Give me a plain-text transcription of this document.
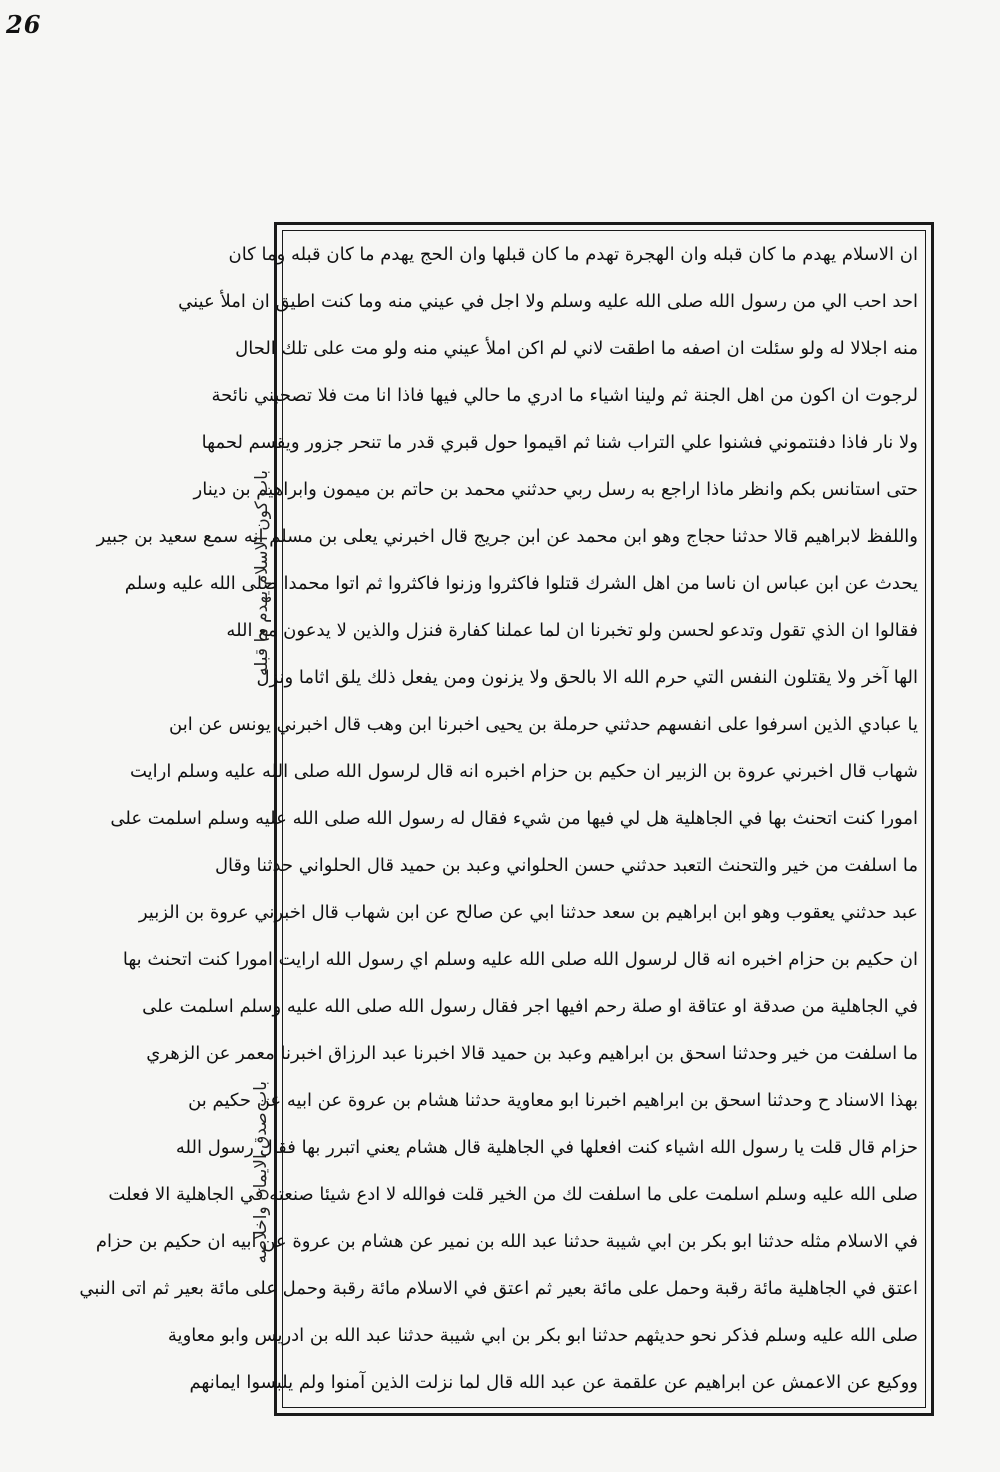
26
ان الاسلام يهدم ما كان قبله وان الهجرة تهدم ما كان قبلها وان الحج يهدم ما كان قبله وما كان
احد احب الي من رسول الله صلى الله عليه وسلم ولا اجل في عيني منه وما كنت اطيق ان املأ عيني
منه اجلالا له ولو سئلت ان اصفه ما اطقت لاني لم اكن املأ عيني منه ولو مت على تلك الحال
لرجوت ان اكون من اهل الجنة ثم ولينا اشياء ما ادري ما حالي فيها فاذا انا مت فلا تصحبني نائحة
ولا نار فاذا دفنتموني فشنوا علي التراب شنا ثم اقيموا حول قبري قدر ما تنحر جزور ويقسم لحمها
حتى استانس بكم وانظر ماذا اراجع به رسل ربي حدثني محمد بن حاتم بن ميمون وابراهيم بن دينار
واللفظ لابراهيم قالا حدثنا حجاج وهو ابن محمد عن ابن جريج قال اخبرني يعلى بن مسلم انه سمع سعيد بن جبير
يحدث عن ابن عباس ان ناسا من اهل الشرك قتلوا فاكثروا وزنوا فاكثروا ثم اتوا محمدا صلى الله عليه وسلم
فقالوا ان الذي تقول وتدعو لحسن ولو تخبرنا ان لما عملنا كفارة فنزل والذين لا يدعون مع الله
الها آخر ولا يقتلون النفس التي حرم الله الا بالحق ولا يزنون ومن يفعل ذلك يلق اثاما ونزل
يا عبادي الذين اسرفوا على انفسهم حدثني حرملة بن يحيى اخبرنا ابن وهب قال اخبرني يونس عن ابن
شهاب قال اخبرني عروة بن الزبير ان حكيم بن حزام اخبره انه قال لرسول الله صلى الله عليه وسلم ارايت
امورا كنت اتحنث بها في الجاهلية هل لي فيها من شيء فقال له رسول الله صلى الله عليه وسلم اسلمت على
ما اسلفت من خير والتحنث التعبد حدثني حسن الحلواني وعبد بن حميد قال الحلواني حدثنا وقال
عبد حدثني يعقوب وهو ابن ابراهيم بن سعد حدثنا ابي عن صالح عن ابن شهاب قال اخبرني عروة بن الزبير
ان حكيم بن حزام اخبره انه قال لرسول الله صلى الله عليه وسلم اي رسول الله ارايت امورا كنت اتحنث بها
في الجاهلية من صدقة او عتاقة او صلة رحم افيها اجر فقال رسول الله صلى الله عليه وسلم اسلمت على
ما اسلفت من خير وحدثنا اسحق بن ابراهيم وعبد بن حميد قالا اخبرنا عبد الرزاق اخبرنا معمر عن الزهري
بهذا الاسناد ح وحدثنا اسحق بن ابراهيم اخبرنا ابو معاوية حدثنا هشام بن عروة عن ابيه عن حكيم بن
حزام قال قلت يا رسول الله اشياء كنت افعلها في الجاهلية قال هشام يعني اتبرر بها فقال رسول الله
صلى الله عليه وسلم اسلمت على ما اسلفت لك من الخير قلت فوالله لا ادع شيئا صنعته في الجاهلية الا فعلت
في الاسلام مثله حدثنا ابو بكر بن ابي شيبة حدثنا عبد الله بن نمير عن هشام بن عروة عن ابيه ان حكيم بن حزام
اعتق في الجاهلية مائة رقبة وحمل على مائة بعير ثم اعتق في الاسلام مائة رقبة وحمل على مائة بعير ثم اتى النبي
صلى الله عليه وسلم فذكر نحو حديثهم حدثنا ابو بكر بن ابي شيبة حدثنا عبد الله بن ادريس وابو معاوية
ووكيع عن الاعمش عن ابراهيم عن علقمة عن عبد الله قال لما نزلت الذين آمنوا ولم يلبسوا ايمانهم
باب كون الاسلام يهدم ما قبله
باب صدق الايمان واخلاصه
